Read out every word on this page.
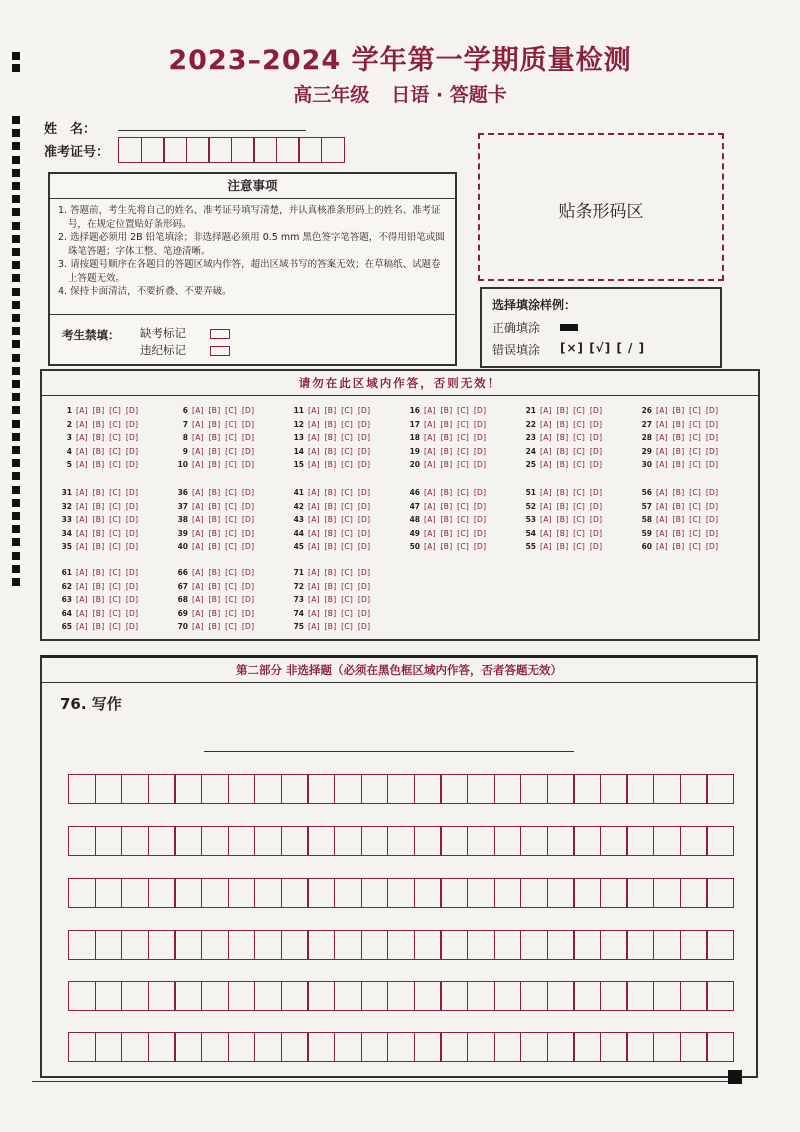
2023–2024 学年第一学期质量检测
高三年级 日语 · 答题卡
姓　名：
准考证号：
注意事项
1. 答题前，考生先将自己的姓名、准考证号填写清楚，并认真核准条形码上的姓名、准考证号，在规定位置贴好条形码。
2. 选择题必须用 2B 铅笔填涂；非选择题必须用 0.5 mm 黑色签字笔答题，不得用铅笔或圆珠笔答题；字体工整、笔迹清晰。
3. 请按题号顺序在各题目的答题区域内作答，超出区域书写的答案无效；在草稿纸、试题卷上答题无效。
4. 保持卡面清洁，不要折叠、不要弄破。
考生禁填： 缺考标记
违纪标记
贴条形码区
选择填涂样例：
正确填涂
错误填涂 [×] [√] [ / ]
请勿在此区域内作答，否则无效！
1 [A] [B] [C] [D]
2 [A] [B] [C] [D]
3 [A] [B] [C] [D]
4 [A] [B] [C] [D]
5 [A] [B] [C] [D]
6 [A] [B] [C] [D]
7 [A] [B] [C] [D]
8 [A] [B] [C] [D]
9 [A] [B] [C] [D]
10 [A] [B] [C] [D]
11 [A] [B] [C] [D]
12 [A] [B] [C] [D]
13 [A] [B] [C] [D]
14 [A] [B] [C] [D]
15 [A] [B] [C] [D]
16 [A] [B] [C] [D]
17 [A] [B] [C] [D]
18 [A] [B] [C] [D]
19 [A] [B] [C] [D]
20 [A] [B] [C] [D]
21 [A] [B] [C] [D]
22 [A] [B] [C] [D]
23 [A] [B] [C] [D]
24 [A] [B] [C] [D]
25 [A] [B] [C] [D]
26 [A] [B] [C] [D]
27 [A] [B] [C] [D]
28 [A] [B] [C] [D]
29 [A] [B] [C] [D]
30 [A] [B] [C] [D]
31 [A] [B] [C] [D]
32 [A] [B] [C] [D]
33 [A] [B] [C] [D]
34 [A] [B] [C] [D]
35 [A] [B] [C] [D]
36 [A] [B] [C] [D]
37 [A] [B] [C] [D]
38 [A] [B] [C] [D]
39 [A] [B] [C] [D]
40 [A] [B] [C] [D]
41 [A] [B] [C] [D]
42 [A] [B] [C] [D]
43 [A] [B] [C] [D]
44 [A] [B] [C] [D]
45 [A] [B] [C] [D]
46 [A] [B] [C] [D]
47 [A] [B] [C] [D]
48 [A] [B] [C] [D]
49 [A] [B] [C] [D]
50 [A] [B] [C] [D]
51 [A] [B] [C] [D]
52 [A] [B] [C] [D]
53 [A] [B] [C] [D]
54 [A] [B] [C] [D]
55 [A] [B] [C] [D]
56 [A] [B] [C] [D]
57 [A] [B] [C] [D]
58 [A] [B] [C] [D]
59 [A] [B] [C] [D]
60 [A] [B] [C] [D]
61 [A] [B] [C] [D]
62 [A] [B] [C] [D]
63 [A] [B] [C] [D]
64 [A] [B] [C] [D]
65 [A] [B] [C] [D]
66 [A] [B] [C] [D]
67 [A] [B] [C] [D]
68 [A] [B] [C] [D]
69 [A] [B] [C] [D]
70 [A] [B] [C] [D]
71 [A] [B] [C] [D]
72 [A] [B] [C] [D]
73 [A] [B] [C] [D]
74 [A] [B] [C] [D]
75 [A] [B] [C] [D]
第二部分 非选择题（必须在黑色框区域内作答，否者答题无效）
76. 写作
